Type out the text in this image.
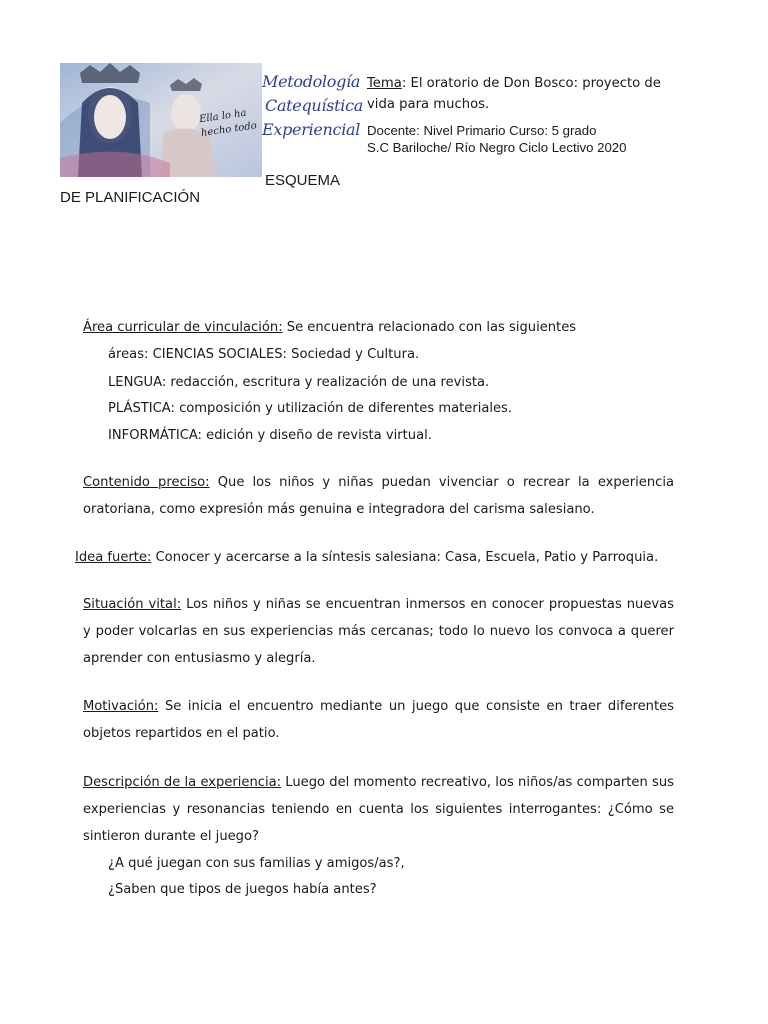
Ella lo ha hecho todo
Metodología
Catequística
Experiencial
Tema: El oratorio de Don Bosco: proyecto de vida para muchos.
Docente: Nivel Primario Curso: 5 grado
S.C Bariloche/ Río Negro Ciclo Lectivo 2020
ESQUEMA
DE PLANIFICACIÓN
Área curricular de vinculación: Se encuentra relacionado con las siguientes
áreas: CIENCIAS SOCIALES: Sociedad y Cultura.
LENGUA: redacción, escritura y realización de una revista.
PLÁSTICA: composición y utilización de diferentes materiales.
INFORMÁTICA: edición y diseño de revista virtual.
Contenido preciso: Que los niños y niñas puedan vivenciar o recrear la experiencia oratoriana, como expresión más genuina e integradora del carisma salesiano.
Idea fuerte: Conocer y acercarse a la síntesis salesiana: Casa, Escuela, Patio y Parroquia.
Situación vital: Los niños y niñas se encuentran inmersos en conocer propuestas nuevas y poder volcarlas en sus experiencias más cercanas; todo lo nuevo los convoca a querer aprender con entusiasmo y alegría.
Motivación: Se inicia el encuentro mediante un juego que consiste en traer diferentes objetos repartidos en el patio.
Descripción de la experiencia: Luego del momento recreativo, los niños/as comparten sus experiencias y resonancias teniendo en cuenta los siguientes interrogantes: ¿Cómo se sintieron durante el juego?
¿A qué juegan con sus familias y amigos/as?,
¿Saben que tipos de juegos había antes?
